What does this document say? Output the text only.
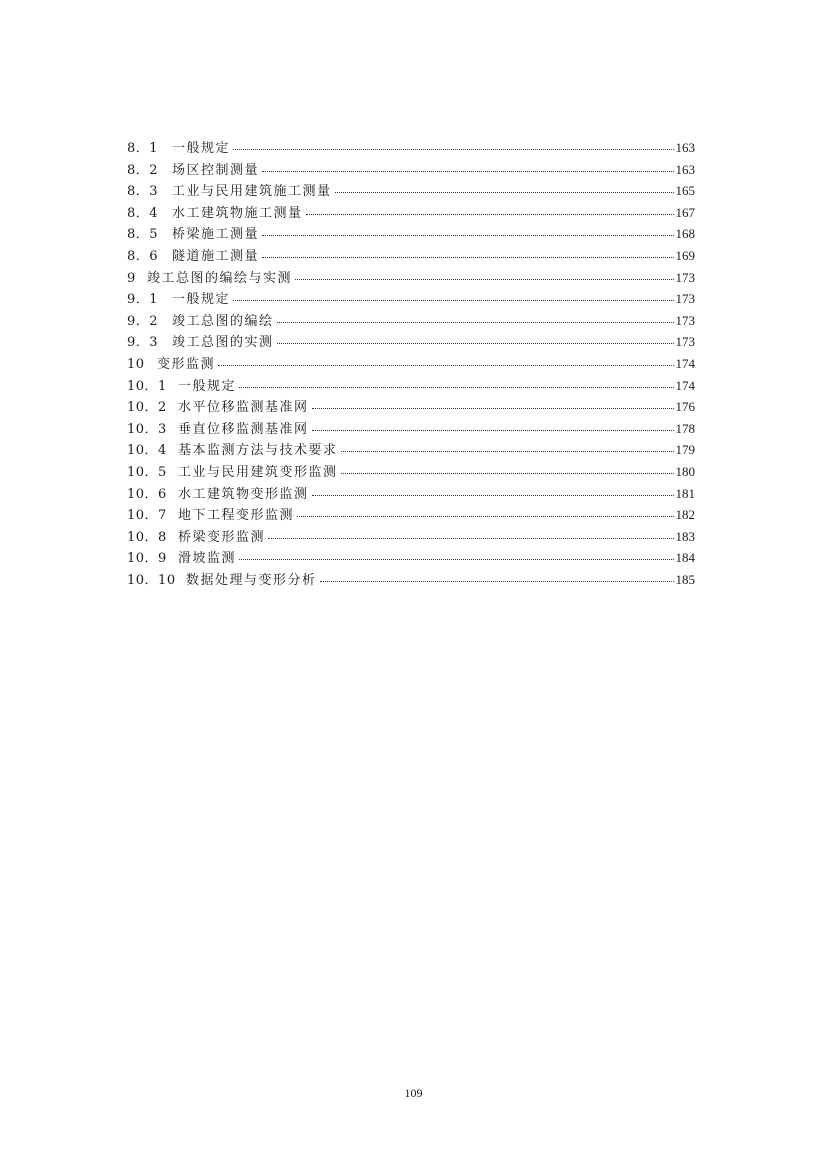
8．1	一般规定	163
8．2	场区控制测量	163
8．3	工业与民用建筑施工测量	165
8．4	水工建筑物施工测量	167
8．5	桥梁施工测量	168
8．6	隧道施工测量	169
9 竣工总图的编绘与实测	173
9．1	一般规定	173
9．2	竣工总图的编绘	173
9．3	竣工总图的实测	173
10 变形监测	174
10．1 一般规定	174
10．2 水平位移监测基准网	176
10．3 垂直位移监测基准网	178
10．4 基本监测方法与技术要求	179
10．5 工业与民用建筑变形监测	180
10．6 水工建筑物变形监测	181
10．7 地下工程变形监测	182
10．8 桥梁变形监测	183
10．9 滑坡监测	184
10．10 数据处理与变形分析	185
109
